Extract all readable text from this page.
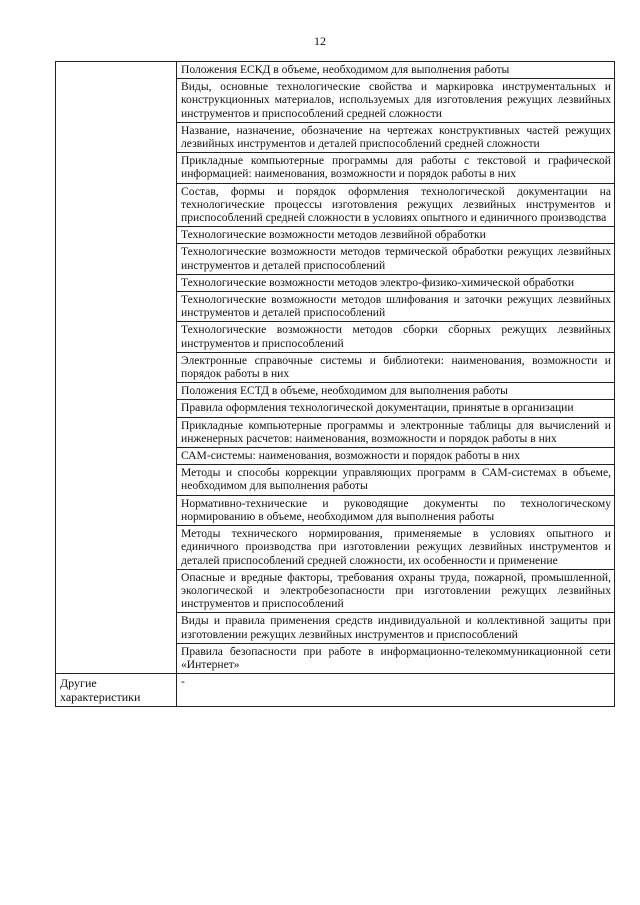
12

	Положения ЕСКД в объеме, необходимом для выполнения работы

	Виды, основные технологические свойства и маркировка инструментальных и конструкционных материалов, используемых для изготовления режущих лезвийных инструментов и приспособлений средней сложности

	Название, назначение, обозначение на чертежах конструктивных частей режущих лезвийных инструментов и деталей приспособлений средней сложности

	Прикладные компьютерные программы для работы с текстовой и графической информацией: наименования, возможности и порядок работы в них

	Состав, формы и порядок оформления технологической документации на технологические процессы изготовления режущих лезвийных инструментов и приспособлений средней сложности в условиях опытного и единичного производства

	Технологические возможности методов лезвийной обработки

	Технологические возможности методов термической обработки режущих лезвийных инструментов и деталей приспособлений

	Технологические возможности методов электро-физико-химической обработки

	Технологические возможности методов шлифования и заточки режущих лезвийных инструментов и деталей приспособлений

	Технологические возможности методов сборки сборных режущих лезвийных инструментов и приспособлений

	Электронные справочные системы и библиотеки: наименования, возможности и порядок работы в них

	Положения ЕСТД в объеме, необходимом для выполнения работы

	Правила оформления технологической документации, принятые в организации

	Прикладные компьютерные программы и электронные таблицы для вычислений и инженерных расчетов: наименования, возможности и порядок работы в них

	САМ-системы: наименования, возможности и порядок работы в них

	Методы и способы коррекции управляющих программ в САМ-системах в объеме, необходимом для выполнения работы

	Нормативно-технические и руководящие документы по технологическому нормированию в объеме, необходимом для выполнения работы

	Методы технического нормирования, применяемые в условиях опытного и единичного производства при изготовлении режущих лезвийных инструментов и деталей приспособлений средней сложности, их особенности и применение

	Опасные и вредные факторы, требования охраны труда, пожарной, промышленной, экологической и электробезопасности при изготовлении режущих лезвийных инструментов и приспособлений

	Виды и правила применения средств индивидуальной и коллективной защиты при изготовлении режущих лезвийных инструментов и приспособлений

	Правила безопасности при работе в информационно-телекоммуникационной сети «Интернет»

Другие характеристики	-
